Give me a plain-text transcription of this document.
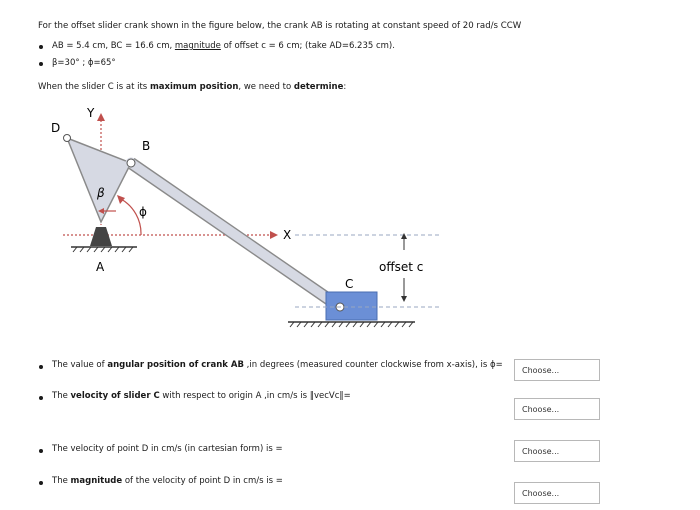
For the offset slider crank shown in the figure below, the crank AB is rotating at constant speed of 20 rad/s CCW
AB = 5.4 cm, BC = 16.6 cm, magnitude of offset c = 6 cm; (take AD=6.235 cm).
β=30° ; ϕ=65°
When the slider C is at its maximum position, we need to determine:
Y
X
D
β
ϕ
A
B
C
offset c
The value of angular position of crank AB ,in degrees (measured counter clockwise from x-axis), is ϕ=
Choose...
The velocity of slider C with respect to origin A ,in cm/s is ‖vecVc‖=
Choose...
The velocity of point D in cm/s (in cartesian form) is =	Choose...
The magnitude of the velocity of point D in cm/s is =
Choose...
